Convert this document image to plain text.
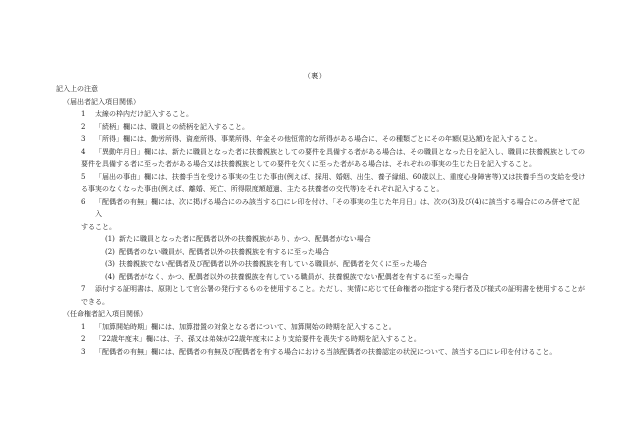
（裏）
記入上の注意
（届出者記入項目関係）
1 太線の枠内だけ記入すること。
2 「続柄」欄には、職員との続柄を記入すること。
3 「所得」欄には、勤労所得、資産所得、事業所得、年金その他恒常的な所得がある場合に、その種類ごとにその年額(見込額)を記入すること。
4 「異動年月日」欄には、新たに職員となった者に扶養親族としての要件を具備する者がある場合は、その職員となった日を記入し、職員に扶養親族としての
要件を具備する者に至った者がある場合又は扶養親族としての要件を欠くに至った者がある場合は、それぞれの事実の生じた日を記入すること。
5 「届出の事由」欄には、扶養手当を受ける事実の生じた事由(例えば、採用、婚姻、出生、養子縁組、60歳以上、重度心身障害等)又は扶養手当の支給を受け
る事実のなくなった事由(例えば、離婚、死亡、所得限度額超過、主たる扶養者の交代等)をそれぞれ記入すること。
6 「配偶者の有無」欄には、次に掲げる場合にのみ該当する□にレ印を付け、「その事実の生じた年月日」は、次の(3)及び(4)に該当する場合にのみ併せて記入
すること。
(1) 新たに職員となった者に配偶者以外の扶養親族があり、かつ、配偶者がない場合
(2) 配偶者のない職員が、配偶者以外の扶養親族を有するに至った場合
(3) 扶養親族でない配偶者及び配偶者以外の扶養親族を有している職員が、配偶者を欠くに至った場合
(4) 配偶者がなく、かつ、配偶者以外の扶養親族を有している職員が、扶養親族でない配偶者を有するに至った場合
7 添付する証明書は、原則として官公署の発行するものを使用すること。ただし、実情に応じて任命権者の指定する発行者及び様式の証明書を使用することが
できる。
（任命権者記入項目関係）
1 「加算開始時期」欄には、加算措置の対象となる者について、加算開始の時期を記入すること。
2 「22歳年度末」欄には、子、孫又は弟妹が22歳年度末により支給要件を喪失する時期を記入すること。
3 「配偶者の有無」欄には、配偶者の有無及び配偶者を有する場合における当該配偶者の扶養認定の状況について、該当する□にレ印を付けること。
